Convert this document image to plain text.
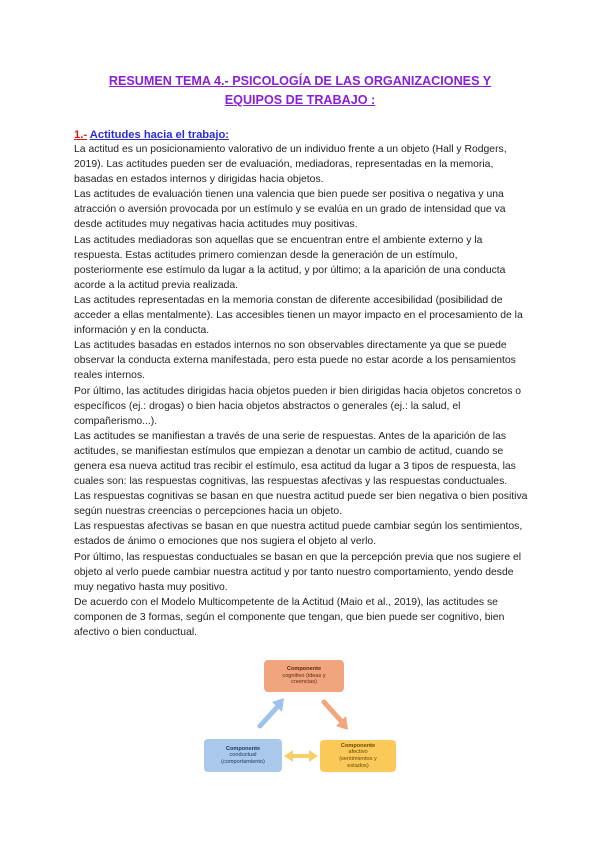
RESUMEN TEMA 4.- PSICOLOGÍA DE LAS ORGANIZACIONES Y
EQUIPOS DE TRABAJO :
1.- Actitudes hacia el trabajo:

La actitud es un posicionamiento valorativo de un individuo frente a un objeto (Hall y Rodgers, 2019). Las actitudes pueden ser de evaluación, mediadoras, representadas en la memoria, basadas en estados internos y dirigidas hacia objetos.

Las actitudes de evaluación tienen una valencia que bien puede ser positiva o negativa y una atracción o aversión provocada por un estímulo y se evalúa en un grado de intensidad que va desde actitudes muy negativas hacia actitudes muy positivas.

Las actitudes mediadoras son aquellas que se encuentran entre el ambiente externo y la respuesta. Estas actitudes primero comienzan desde la generación de un estímulo, posteriormente ese estímulo da lugar a la actitud, y por último; a la aparición de una conducta acorde a la actitud previa realizada.

Las actitudes representadas en la memoria constan de diferente accesibilidad (posibilidad de acceder a ellas mentalmente). Las accesibles tienen un mayor impacto en el procesamiento de la información y en la conducta.

Las actitudes basadas en estados internos no son observables directamente ya que se puede observar la conducta externa manifestada, pero esta puede no estar acorde a los pensamientos reales internos.

Por último, las actitudes dirigidas hacia objetos pueden ir bien dirigidas hacia objetos concretos o específicos (ej.: drogas) o bien hacia objetos abstractos o generales (ej.: la salud, el compañerismo...).

Las actitudes se manifiestan a través de una serie de respuestas. Antes de la aparición de las actitudes, se manifiestan estímulos que empiezan a denotar un cambio de actitud, cuando se genera esa nueva actitud tras recibir el estímulo, esa actitud da lugar a 3 tipos de respuesta, las cuales son: las respuestas cognitivas, las respuestas afectivas y las respuestas conductuales.

Las respuestas cognitivas se basan en que nuestra actitud puede ser bien negativa o bien positiva según nuestras creencias o percepciones hacia un objeto.

Las respuestas afectivas se basan en que nuestra actitud puede cambiar según los sentimientos, estados de ánimo o emociones que nos sugiera el objeto al verlo.

Por último, las respuestas conductuales se basan en que la percepción previa que nos sugiere el objeto al verlo puede cambiar nuestra actitud y por tanto nuestro comportamiento, yendo desde muy negativo hasta muy positivo.

De acuerdo con el Modelo Multicompetente de la Actitud (Maio et al., 2019), las actitudes se componen de 3 formas, según el componente que tengan, que bien puede ser cognitivo, bien afectivo o bien conductual.

Componente
cognitivo (ideas y
creencias)
Componente
conductual
(comportamiento)
Componente
afectivo
(sentimientos y
estados)
